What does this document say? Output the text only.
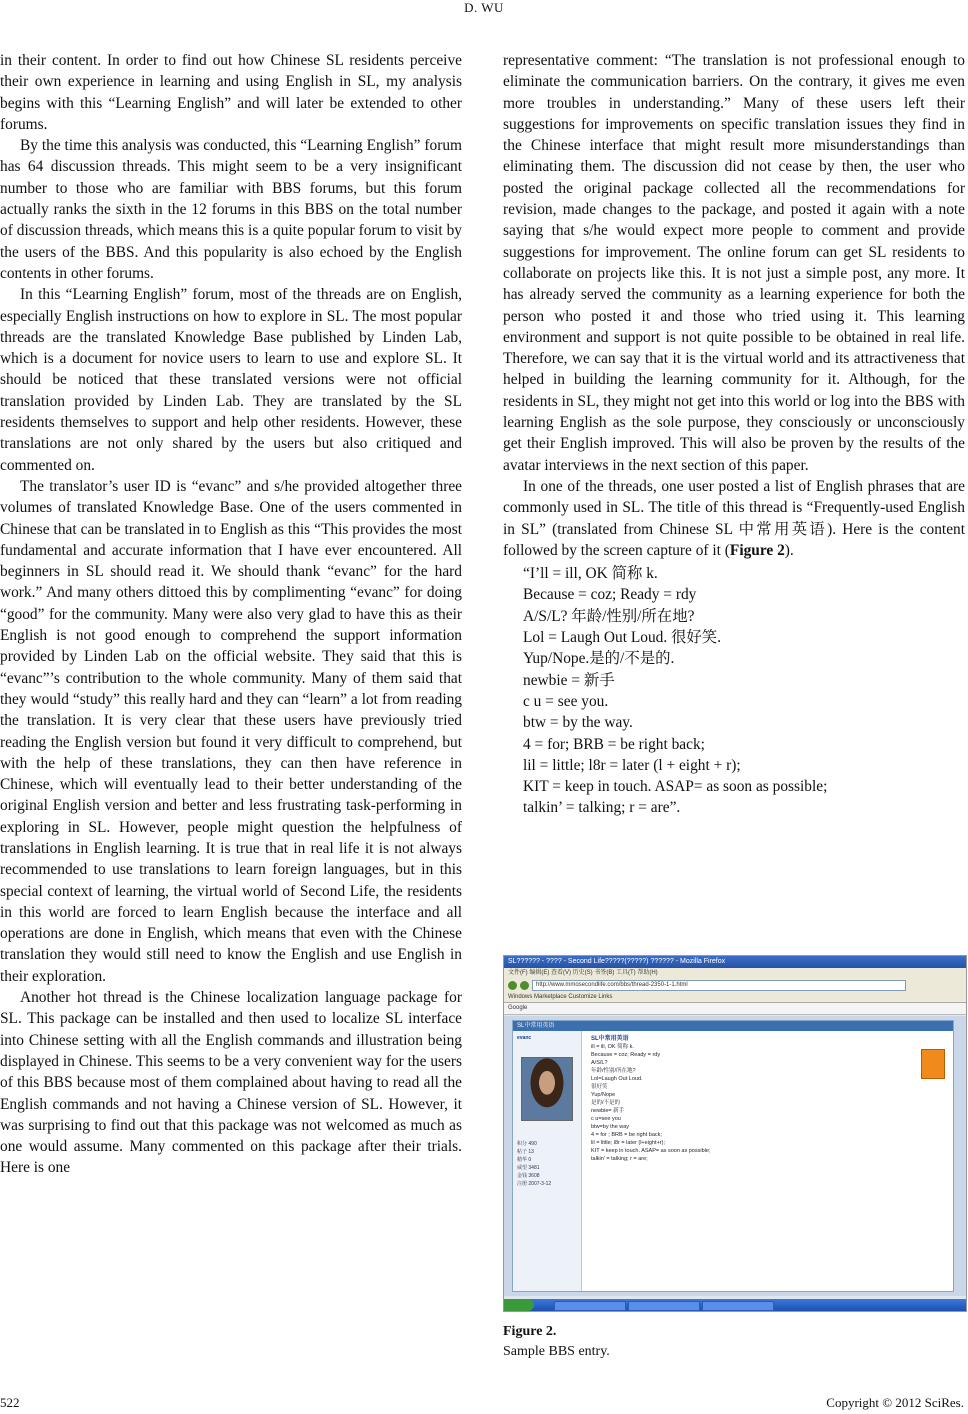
D. WU

in their content. In order to find out how Chinese SL residents perceive their own experience in learning and using English in SL, my analysis begins with this “Learning English” and will later be extended to other forums.

By the time this analysis was conducted, this “Learning English” forum has 64 discussion threads. This might seem to be a very insignificant number to those who are familiar with BBS forums, but this forum actually ranks the sixth in the 12 forums in this BBS on the total number of discussion threads, which means this is a quite popular forum to visit by the users of the BBS. And this popularity is also echoed by the English contents in other forums.

In this “Learning English” forum, most of the threads are on English, especially English instructions on how to explore in SL. The most popular threads are the translated Knowledge Base published by Linden Lab, which is a document for novice users to learn to use and explore SL. It should be noticed that these translated versions were not official translation provided by Linden Lab. They are translated by the SL residents themselves to support and help other residents. However, these translations are not only shared by the users but also critiqued and commented on.

The translator’s user ID is “evanc” and s/he provided altogether three volumes of translated Knowledge Base. One of the users commented in Chinese that can be translated in to English as this “This provides the most fundamental and accurate information that I have ever encountered. All beginners in SL should read it. We should thank “evanc” for the hard work.” And many others dittoed this by complimenting “evanc” for doing “good” for the community. Many were also very glad to have this as their English is not good enough to comprehend the support information provided by Linden Lab on the official website. They said that this is “evanc”’s contribution to the whole community. Many of them said that they would “study” this really hard and they can “learn” a lot from reading the translation. It is very clear that these users have previously tried reading the English version but found it very difficult to comprehend, but with the help of these translations, they can then have reference in Chinese, which will eventually lead to their better understanding of the original English version and better and less frustrating task-performing in exploring in SL. However, people might question the helpfulness of translations in English learning. It is true that in real life it is not always recommended to use translations to learn foreign languages, but in this special context of learning, the virtual world of Second Life, the residents in this world are forced to learn English because the interface and all operations are done in English, which means that even with the Chinese translation they would still need to know the English and use English in their exploration.

Another hot thread is the Chinese localization language package for SL. This package can be installed and then used to localize SL interface into Chinese setting with all the English commands and illustration being displayed in Chinese. This seems to be a very convenient way for the users of this BBS because most of them complained about having to read all the English commands and not having a Chinese version of SL. However, it was surprising to find out that this package was not welcomed as much as one would assume. Many commented on this package after their trials. Here is one

representative comment: “The translation is not professional enough to eliminate the communication barriers. On the contrary, it gives me even more troubles in understanding.” Many of these users left their suggestions for improvements on specific translation issues they find in the Chinese interface that might result more misunderstandings than eliminating them. The discussion did not cease by then, the user who posted the original package collected all the recommendations for revision, made changes to the package, and posted it again with a note saying that s/he would expect more people to comment and provide suggestions for improvement. The online forum can get SL residents to collaborate on projects like this. It is not just a simple post, any more. It has already served the community as a learning experience for both the person who posted it and those who tried using it. This learning environment and support is not quite possible to be obtained in real life. Therefore, we can say that it is the virtual world and its attractiveness that helped in building the learning community for it. Although, for the residents in SL, they might not get into this world or log into the BBS with learning English as the sole purpose, they consciously or unconsciously get their English improved. This will also be proven by the results of the avatar interviews in the next section of this paper.

In one of the threads, one user posted a list of English phrases that are commonly used in SL. The title of this thread is “Frequently-used English in SL” (translated from Chinese SL 中常用英语). Here is the content followed by the screen capture of it (Figure 2).

“I’ll = ill, OK 简称 k.
Because = coz; Ready = rdy
A/S/L? 年龄/性别/所在地?
Lol = Laugh Out Loud. 很好笑.
Yup/Nope.是的/不是的.
newbie = 新手
c u = see you.
btw = by the way.
4 = for; BRB = be right back;
lil = little; l8r = later (l + eight + r);
KIT = keep in touch. ASAP= as soon as possible;
talkin’ = talking; r = are”.
SL?????? - ???? - Second Life?????(?????) ?????? - Mozilla Firefox
文件(F) 编辑(E) 查看(V) 历史(S) 书签(B) 工具(T) 帮助(H)
http://www.mmosecondlife.com/bbs/thread-2350-1-1.html
Windows Marketplace Customize Links
Google
SL中常用英语
evanc
积分 490
帖子 13
精华 0
威望 3481
金钱 3608
注册 2007-3-12
SL中常用英语
ill = ill, OK 简称 k.
Because = coz; Ready = rdy
A/S/L?
年龄/性别/所在地?
Lol=Laugh Out Loud.
很好笑
Yup/Nope
是的/不是的
newbie= 新手
c u=see you
btw=by the way
4 = for ; BRB = be right back;
lil = little; l8r = later (l+eight+r);
KIT = keep in touch. ASAP= as soon as possible;
talkin' = talking; r = are;
Figure 2.
Sample BBS entry.
522	Copyright © 2012 SciRes.
